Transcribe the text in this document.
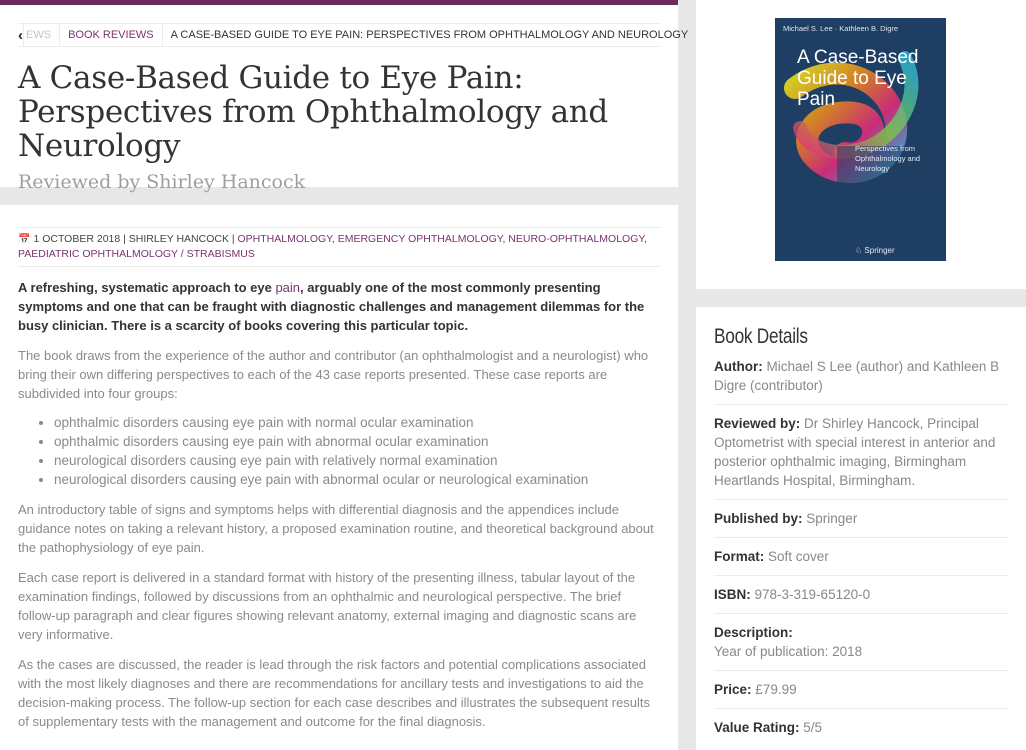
‹ EWS	BOOK REVIEWS	A CASE-BASED GUIDE TO EYE PAIN: PERSPECTIVES FROM OPHTHALMOLOGY AND NEUROLOGY
A Case-Based Guide to Eye Pain: Perspectives from Ophthalmology and Neurology
Reviewed by Shirley Hancock
📅 1 OCTOBER 2018 | SHIRLEY HANCOCK | OPHTHALMOLOGY, EMERGENCY OPHTHALMOLOGY, NEURO-OPHTHALMOLOGY, PAEDIATRIC OPHTHALMOLOGY / STRABISMUS

A refreshing, systematic approach to eye pain, arguably one of the most commonly presenting symptoms and one that can be fraught with diagnostic challenges and management dilemmas for the busy clinician. There is a scarcity of books covering this particular topic.

The book draws from the experience of the author and contributor (an ophthalmologist and a neurologist) who bring their own differing perspectives to each of the 43 case reports presented. These case reports are subdivided into four groups:

• ophthalmic disorders causing eye pain with normal ocular examination
• ophthalmic disorders causing eye pain with abnormal ocular examination
• neurological disorders causing eye pain with relatively normal examination
• neurological disorders causing eye pain with abnormal ocular or neurological examination

An introductory table of signs and symptoms helps with differential diagnosis and the appendices include guidance notes on taking a relevant history, a proposed examination routine, and theoretical background about the pathophysiology of eye pain.

Each case report is delivered in a standard format with history of the presenting illness, tabular layout of the examination findings, followed by discussions from an ophthalmic and neurological perspective. The brief follow-up paragraph and clear figures showing relevant anatomy, external imaging and diagnostic scans are very informative.

As the cases are discussed, the reader is lead through the risk factors and potential complications associated with the most likely diagnoses and there are recommendations for ancillary tests and investigations to aid the decision-making process. The follow-up section for each case describes and illustrates the subsequent results of supplementary tests with the management and outcome for the final diagnosis.

Michael S. Lee · Kathleen B. Digre
A Case-Based Guide to Eye Pain
Perspectives from Ophthalmology and Neurology
♘ Springer
Book Details
Author: Michael S Lee (author) and Kathleen B Digre (contributor)
Reviewed by: Dr Shirley Hancock, Principal Optometrist with special interest in anterior and posterior ophthalmic imaging, Birmingham Heartlands Hospital, Birmingham.
Published by: Springer
Format: Soft cover
ISBN: 978-3-319-65120-0
Description:
Year of publication: 2018
Price: £79.99
Value Rating: 5/5
